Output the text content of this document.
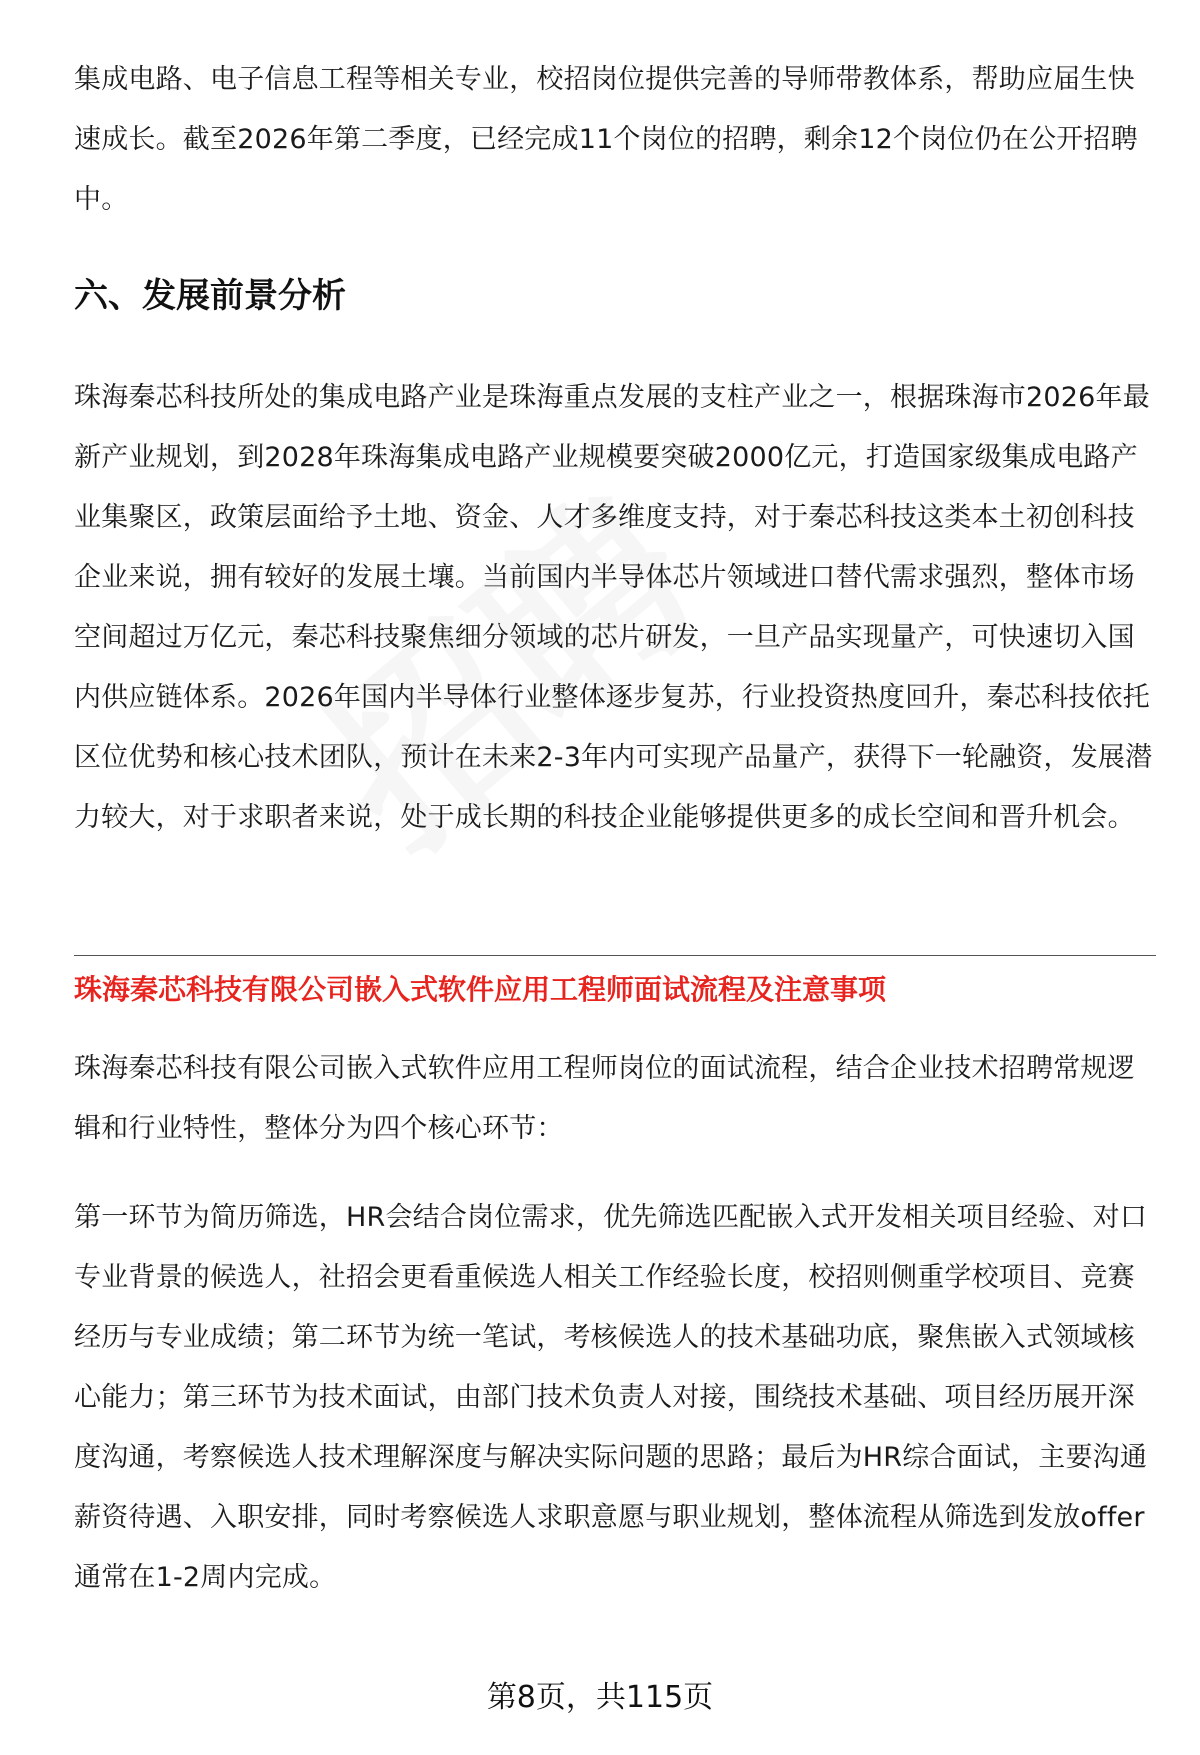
集成电路、电子信息工程等相关专业，校招岗位提供完善的导师带教体系，帮助应届生快速成长。截至2026年第二季度，已经完成11个岗位的招聘，剩余12个岗位仍在公开招聘中。

六、发展前景分析

珠海秦芯科技所处的集成电路产业是珠海重点发展的支柱产业之一，根据珠海市2026年最新产业规划，到2028年珠海集成电路产业规模要突破2000亿元，打造国家级集成电路产业集聚区，政策层面给予土地、资金、人才多维度支持，对于秦芯科技这类本土初创科技企业来说，拥有较好的发展土壤。当前国内半导体芯片领域进口替代需求强烈，整体市场空间超过万亿元，秦芯科技聚焦细分领域的芯片研发，一旦产品实现量产，可快速切入国内供应链体系。2026年国内半导体行业整体逐步复苏，行业投资热度回升，秦芯科技依托区位优势和核心技术团队，预计在未来2-3年内可实现产品量产，获得下一轮融资，发展潜力较大，对于求职者来说，处于成长期的科技企业能够提供更多的成长空间和晋升机会。

珠海秦芯科技有限公司嵌入式软件应用工程师面试流程及注意事项

珠海秦芯科技有限公司嵌入式软件应用工程师岗位的面试流程，结合企业技术招聘常规逻辑和行业特性，整体分为四个核心环节：

第一环节为简历筛选，HR会结合岗位需求，优先筛选匹配嵌入式开发相关项目经验、对口专业背景的候选人，社招会更看重候选人相关工作经验长度，校招则侧重学校项目、竞赛经历与专业成绩；第二环节为统一笔试，考核候选人的技术基础功底，聚焦嵌入式领域核心能力；第三环节为技术面试，由部门技术负责人对接，围绕技术基础、项目经历展开深度沟通，考察候选人技术理解深度与解决实际问题的思路；最后为HR综合面试，主要沟通薪资待遇、入职安排，同时考察候选人求职意愿与职业规划，整体流程从筛选到发放offer通常在1-2周内完成。

第8页，共115页
